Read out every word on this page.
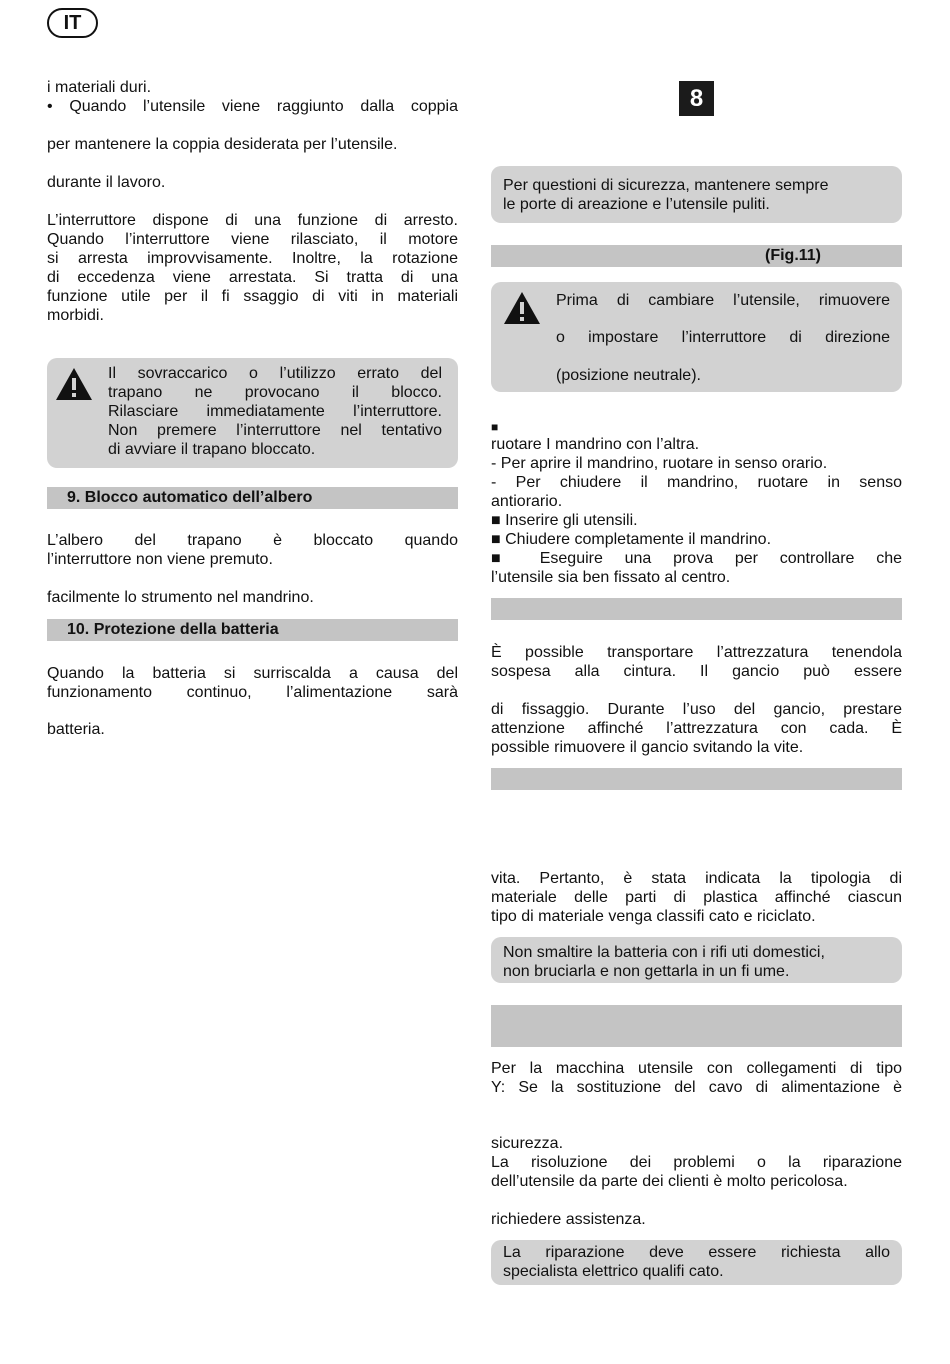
IT
8

i materiali duri.

• Quando l’utensile viene raggiunto dalla coppia

per mantenere la coppia desiderata per l’utensile.

durante il lavoro.

L’interruttore dispone di una funzione di arresto.

Quando l’interruttore viene rilasciato, il motore

si arresta improvvisamente. Inoltre, la rotazione

di eccedenza viene arrestata. Si tratta di una

funzione utile per il fi ssaggio di viti in materiali

morbidi.

Il sovraccarico o l’utilizzo errato del

trapano ne provocano il blocco.

Rilasciare immediatamente l’interruttore.

Non premere l’interruttore nel tentativo

di avviare il trapano bloccato.

9. Blocco automatico dell’albero

L’albero del trapano è bloccato quando

l’interruttore non viene premuto.

facilmente lo strumento nel mandrino.

10. Protezione della batteria

Quando la batteria si surriscalda a causa del

funzionamento continuo, l’alimentazione sarà

batteria.

Per questioni di sicurezza, mantenere sempre

le porte di areazione e l’utensile puliti.

(Fig.11)

Prima di cambiare l’utensile, rimuovere

o impostare l’interruttore di direzione

(posizione neutrale).

■

ruotare I mandrino con l’altra.

- Per aprire il mandrino, ruotare in senso orario.

- Per chiudere il mandrino, ruotare in senso

antiorario.

■ Inserire gli utensili.

■ Chiudere completamente il mandrino.

■ Eseguire una prova per controllare che

l’utensile sia ben fissato al centro.

È possible transportare l’attrezzatura tenendola

sospesa alla cintura. Il gancio può essere

di fissaggio. Durante l’uso del gancio, prestare

attenzione affinché l’attrezzatura con cada. È

possible rimuovere il gancio svitando la vite.

vita. Pertanto, è stata indicata la tipologia di

materiale delle parti di plastica affinché ciascun

tipo di materiale venga classifi cato e riciclato.

Non smaltire la batteria con i rifi uti domestici,

non bruciarla e non gettarla in un fi ume.

Per la macchina utensile con collegamenti di tipo

Y: Se la sostituzione del cavo di alimentazione è

sicurezza.

La risoluzione dei problemi o la riparazione

dell’utensile da parte dei clienti è molto pericolosa.

richiedere assistenza.

La riparazione deve essere richiesta allo

specialista elettrico qualifi cato.
